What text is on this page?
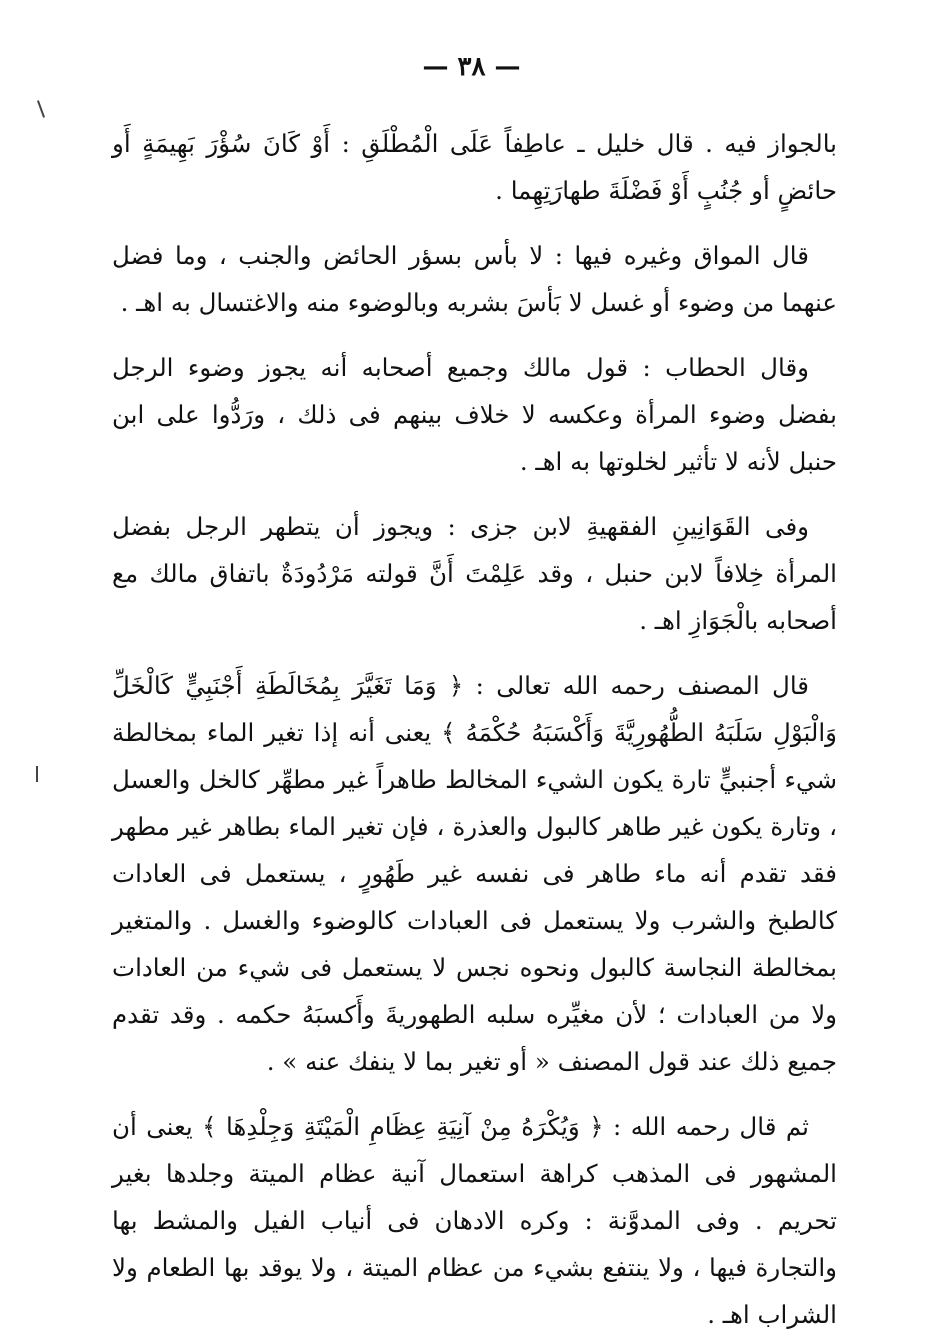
— ٣٨ —

بالجواز فيه . قال خليل ـ عاطِفاً عَلَى الْمُطْلَقِ : أَوْ كَانَ سُؤْرَ بَهِيمَةٍ أَو حائضٍ أو جُنُبٍ أَوْ فَضْلَةَ طهارَتِهِما .

قال المواق وغيره فيها : لا بأس بسؤر الحائض والجنب ، وما فضل عنهما من وضوء أو غسل لا بَأسَ بشربه وبالوضوء منه والاغتسال به اهـ .

وقال الحطاب : قول مالك وجميع أصحابه أنه يجوز وضوء الرجل بفضل وضوء المرأة وعكسه لا خلاف بينهم فى ذلك ، ورَدُّوا على ابن حنبل لأنه لا تأثير لخلوتها به اهـ .

وفى القَوَانِينِ الفقهيةِ لابن جزى : ويجوز أن يتطهر الرجل بفضل المرأة خِلافاً لابن حنبل ، وقد عَلِمْتَ أَنَّ قولته مَرْدُودَةٌ باتفاق مالك مع أصحابه بالْجَوَازِ اهـ .

قال المصنف رحمه الله تعالى : ﴿ وَمَا تَغَيَّرَ بِمُخَالَطَةِ أَجْنَبِيٍّ كَالْخَلِّ وَالْبَوْلِ سَلَبَهُ الطُّهُورِيَّةَ وَأَكْسَبَهُ حُكْمَهُ ﴾ يعنى أنه إذا تغير الماء بمخالطة شيء أجنبيٍّ تارة يكون الشيء المخالط طاهراً غير مطهِّر كالخل والعسل ، وتارة يكون غير طاهر كالبول والعذرة ، فإن تغير الماء بطاهر غير مطهر فقد تقدم أنه ماء طاهر فى نفسه غير طَهُورٍ ، يستعمل فى العادات كالطبخ والشرب ولا يستعمل فى العبادات كالوضوء والغسل . والمتغير بمخالطة النجاسة كالبول ونحوه نجس لا يستعمل فى شيء من العادات ولا من العبادات ؛ لأن مغيِّره سلبه الطهوريةَ وأَكسبَهُ حكمه . وقد تقدم جميع ذلك عند قول المصنف « أو تغير بما لا ينفك عنه » .

ثم قال رحمه الله : ﴿ وَيُكْرَهُ مِنْ آنِيَةِ عِظَامِ الْمَيْتَةِ وَجِلْدِهَا ﴾ يعنى أن المشهور فى المذهب كراهة استعمال آنية عظام الميتة وجلدها بغير تحريم . وفى المدوَّنة : وكره الادهان فى أنياب الفيل والمشط بها والتجارة فيها ، ولا ينتفع بشيء من عظام الميتة ، ولا يوقد بها الطعام ولا الشراب اهـ .
